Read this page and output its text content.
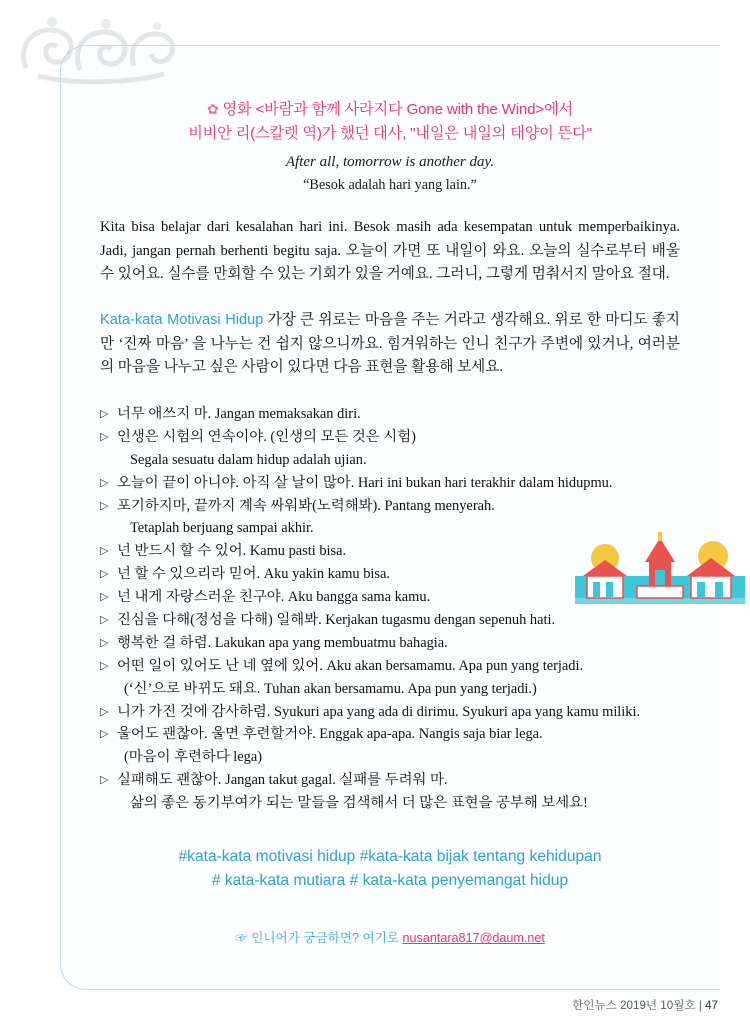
✿ 영화 <바람과 함께 사라지다 Gone with the Wind>에서
비비안 리(스칼렛 역)가 했던 대사, "내일은 내일의 태양이 뜬다"
After all, tomorrow is another day.
“Besok adalah hari yang lain.”
Kita bisa belajar dari kesalahan hari ini. Besok masih ada kesempatan untuk memperbaikinya. Jadi, jangan pernah berhenti begitu saja. 오늘이 가면 또 내일이 와요. 오늘의 실수로부터 배울 수 있어요. 실수를 만회할 수 있는 기회가 있을 거예요. 그러니, 그렇게 멈춰서지 말아요 절대.
Kata-kata Motivasi Hidup 가장 큰 위로는 마음을 주는 거라고 생각해요. 위로 한 마디도 좋지만 ‘진짜 마음’ 을 나누는 건 쉽지 않으니까요. 힘겨워하는 인니 친구가 주변에 있거나, 여러분의 마음을 나누고 싶은 사람이 있다면 다음 표현을 활용해 보세요.
▷ 너무 애쓰지 마. Jangan memaksakan diri.
▷ 인생은 시험의 연속이야. (인생의 모든 것은 시험)
Segala sesuatu dalam hidup adalah ujian.
▷ 오늘이 끝이 아니야. 아직 살 날이 많아. Hari ini bukan hari terakhir dalam hidupmu.
▷ 포기하지마, 끝까지 계속 싸워봐(노력해봐). Pantang menyerah.
Tetaplah berjuang sampai akhir.
▷ 넌 반드시 할 수 있어. Kamu pasti bisa.
▷ 넌 할 수 있으리라 믿어. Aku yakin kamu bisa.
▷ 넌 내게 자랑스러운 친구야. Aku bangga sama kamu.
▷ 진심을 다해(정성을 다해) 일해봐. Kerjakan tugasmu dengan sepenuh hati.
▷ 행복한 걸 하렴. Lakukan apa yang membuatmu bahagia.
▷ 어떤 일이 있어도 난 네 옆에 있어. Aku akan bersamamu. Apa pun yang terjadi.
(‘신’으로 바뀌도 돼요. Tuhan akan bersamamu. Apa pun yang terjadi.)
▷ 니가 가진 것에 감사하렴. Syukuri apa yang ada di dirimu. Syukuri apa yang kamu miliki.
▷ 울어도 괜찮아. 울면 후련할거야. Enggak apa-apa. Nangis saja biar lega.
(마음이 후련하다 lega)
▷ 실패해도 괜찮아. Jangan takut gagal. 실패를 두려워 마.
삶의 좋은 동기부여가 되는 말들을 검색해서 더 많은 표현을 공부해 보세요!
#kata-kata motivasi hidup #kata-kata bijak tentang kehidupan
# kata-kata mutiara # kata-kata penyemangat hidup
☞ 인니어가 궁금하면? 여기로 nusantara817@daum.net
한인뉴스 2019년 10월호 | 47
